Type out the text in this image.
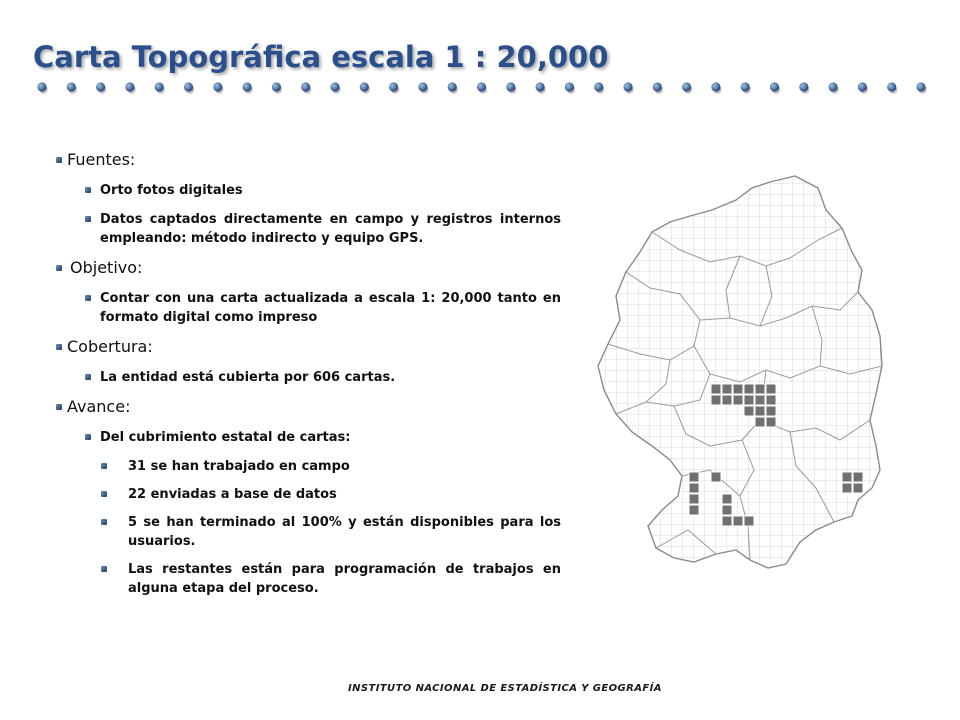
Carta Topográfica escala 1 : 20,000
Fuentes:
Orto fotos digitales
Datos captados directamente en campo y registros internos empleando: método indirecto y equipo GPS.
Objetivo:
Contar con una carta actualizada a escala 1: 20,000 tanto en formato digital como impreso
Cobertura:
La entidad está cubierta por 606 cartas.
Avance:
Del cubrimiento estatal de cartas:
31 se han trabajado en campo
22 enviadas a base de datos
5 se han terminado al 100% y están disponibles para los usuarios.
Las restantes están para programación de trabajos en alguna etapa del proceso.
INSTITUTO NACIONAL DE ESTADÍSTICA Y GEOGRAFÍA
